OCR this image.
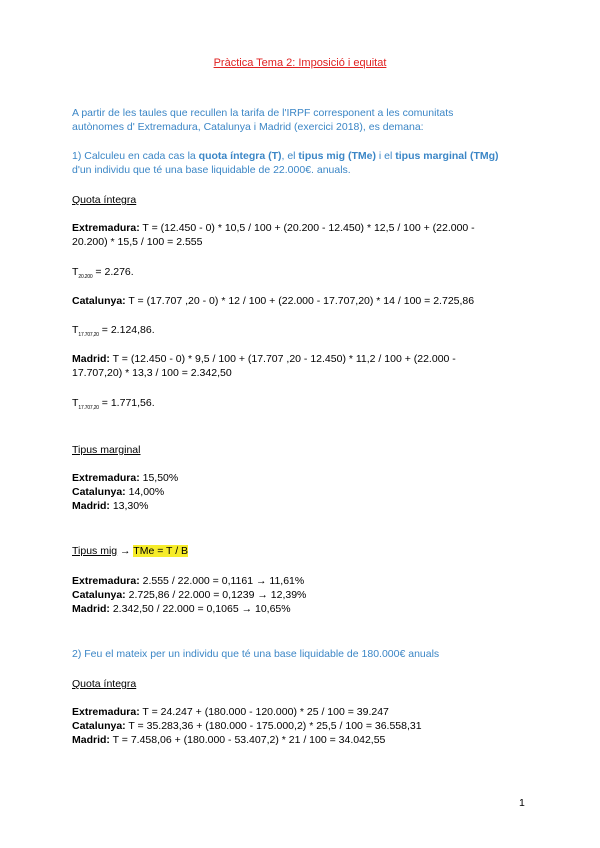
Pràctica Tema 2: Imposició i equitat
A partir de les taules que recullen la tarifa de l'IRPF corresponent a les comunitats
autònomes d' Extremadura, Catalunya i Madrid (exercici 2018), es demana:
1) Calculeu en cada cas la quota íntegra (T), el tipus mig (TMe) i el tipus marginal (TMg)
d'un individu que té una base liquidable de 22.000€. anuals.
Quota íntegra
Extremadura: T = (12.450 - 0) * 10,5 / 100 + (20.200 - 12.450) * 12,5 / 100 + (22.000 -
20.200) * 15,5 / 100 = 2.555
$T_{20.200} = 2.276$.
Catalunya: T = (17.707 ,20 - 0) * 12 / 100 + (22.000 - 17.707,20) * 14 / 100 = 2.725,86
$T_{17.707,20} = 2.124,86$.
Madrid: T = (12.450 - 0) * 9,5 / 100 + (17.707 ,20 - 12.450) * 11,2 / 100 + (22.000 -
17.707,20) * 13,3 / 100 = 2.342,50
$T_{17.707,20} = 1.771,56$.
Tipus marginal
Extremadura: 15,50%
Catalunya: 14,00%
Madrid: 13,30%
Tipus mig → TMe = T / B
Extremadura: 2.555 / 22.000 = 0,1161 → 11,61%
Catalunya: 2.725,86 / 22.000 = 0,1239 → 12,39%
Madrid: 2.342,50 / 22.000 = 0,1065 → 10,65%
2) Feu el mateix per un individu que té una base liquidable de 180.000€ anuals
Quota íntegra
Extremadura: T = 24.247 + (180.000 - 120.000) * 25 / 100 = 39.247
Catalunya: T = 35.283,36 + (180.000 - 175.000,2) * 25,5 / 100 = 36.558,31
Madrid: T = 7.458,06 + (180.000 - 53.407,2) * 21 / 100 = 34.042,55
1
